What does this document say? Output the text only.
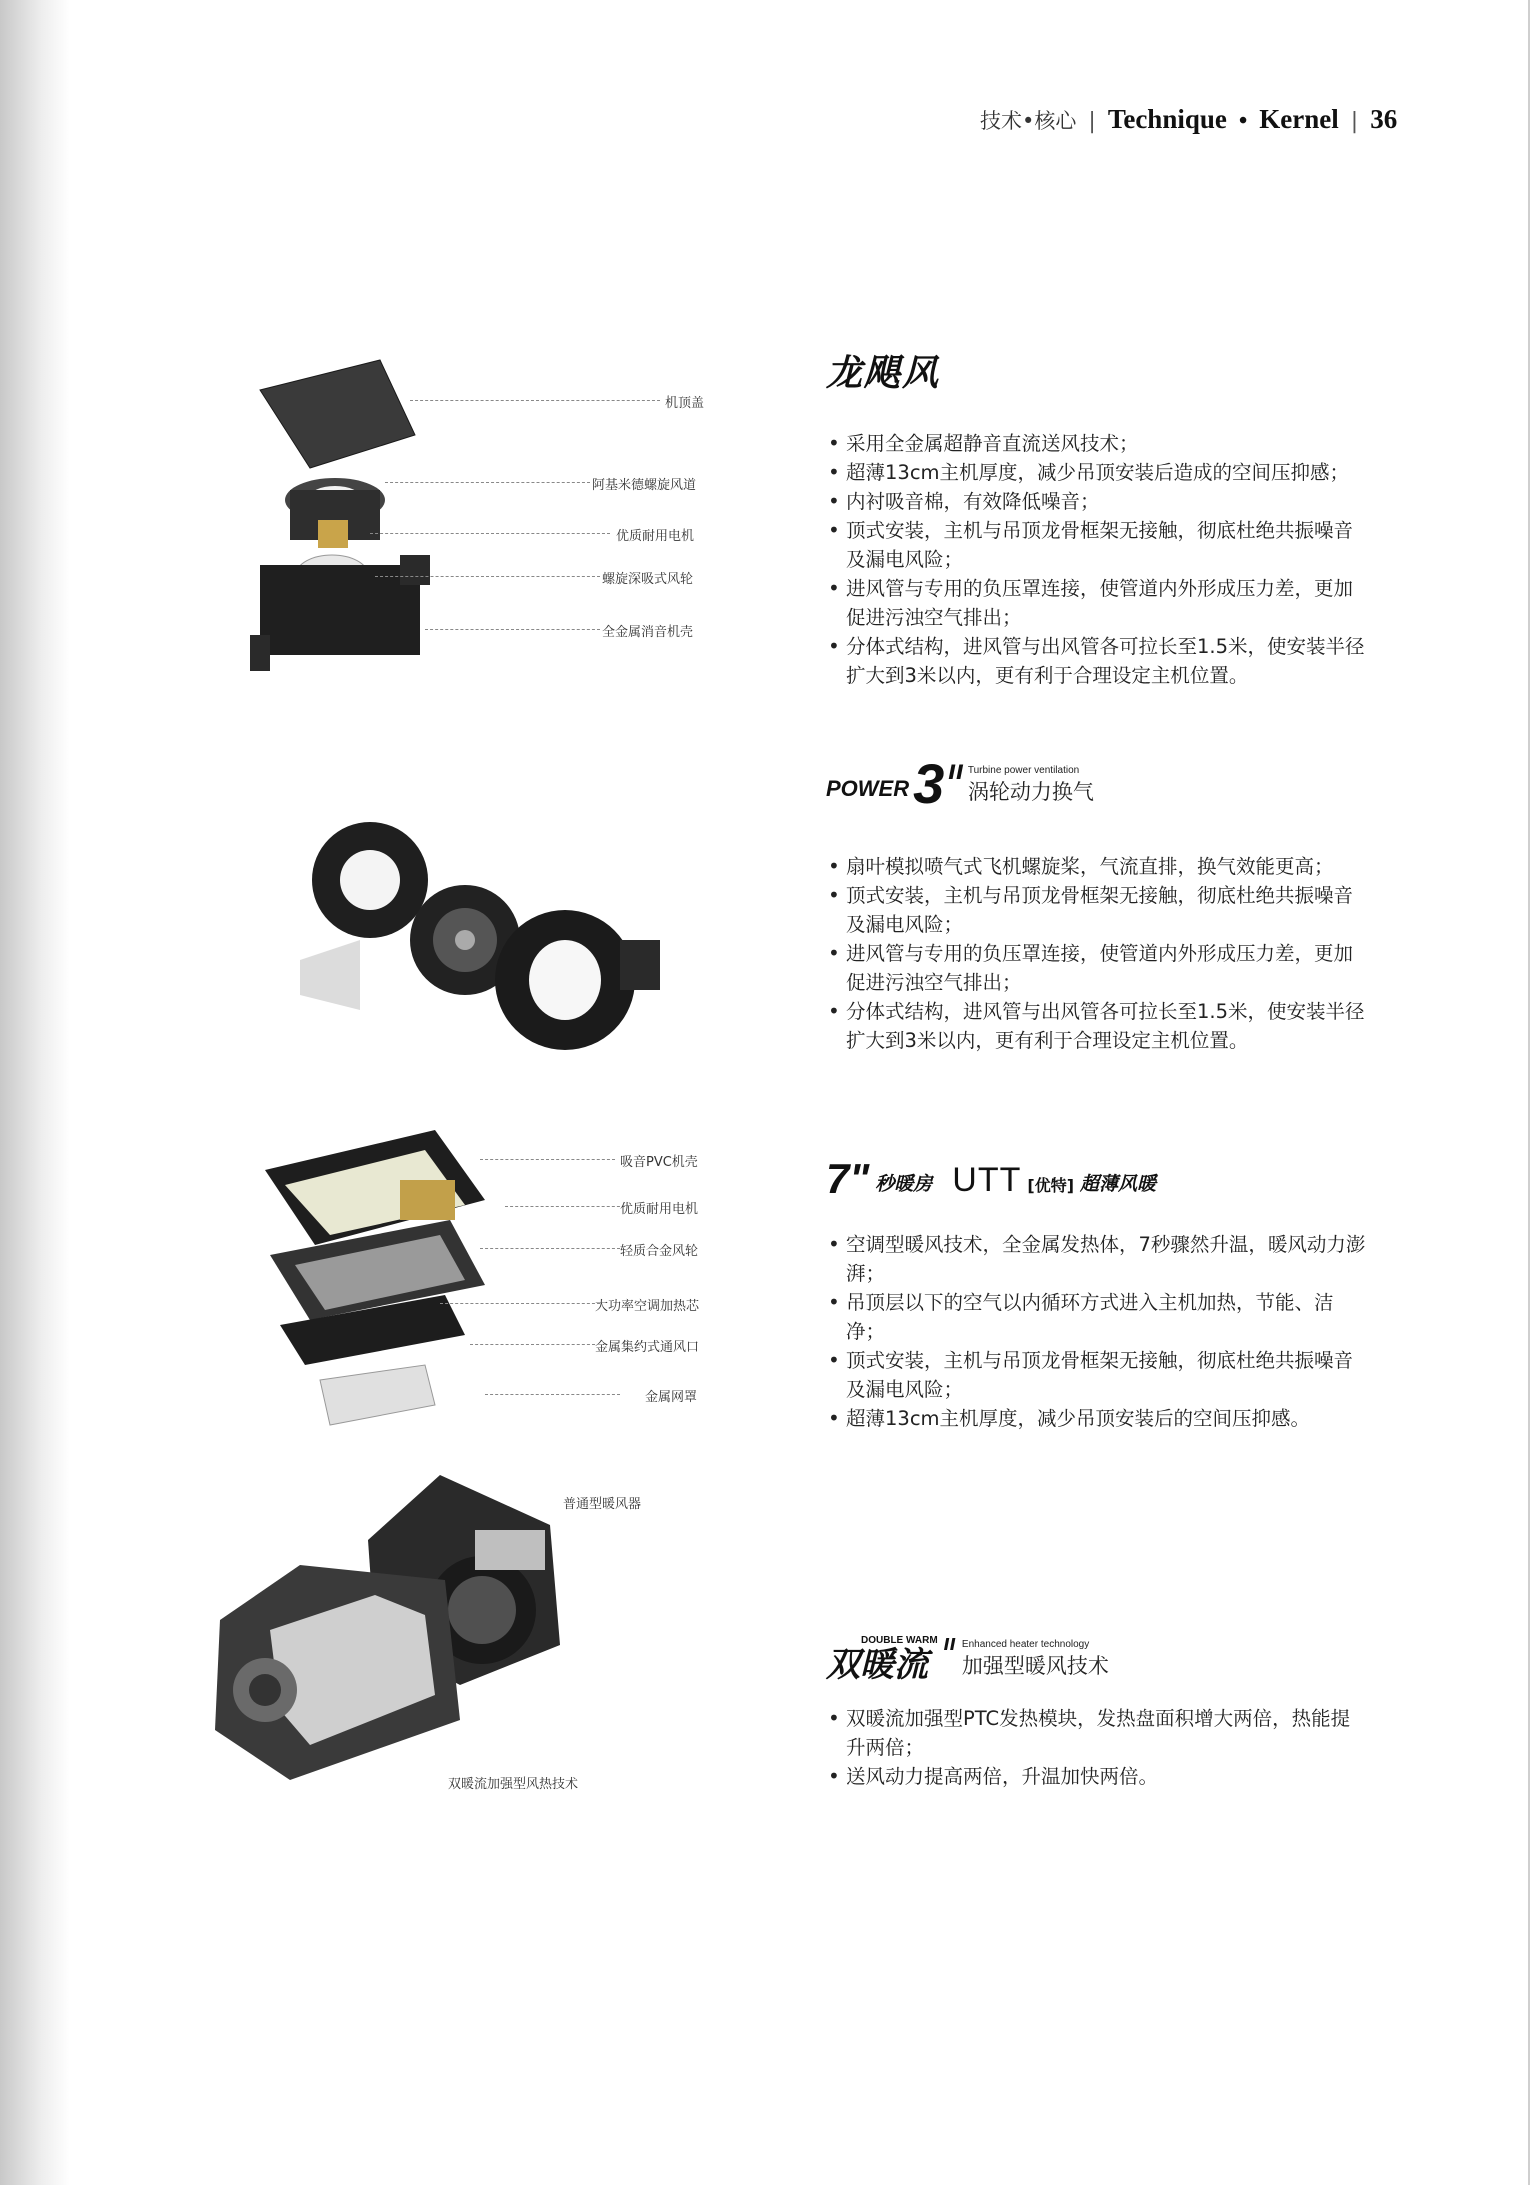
技术•核心 | Technique • Kernel | 36
机顶盖
阿基米德螺旋风道
优质耐用电机
螺旋深吸式风轮
全金属消音机壳
龙飓风
• 采用全金属超静音直流送风技术；
• 超薄13cm主机厚度，减少吊顶安装后造成的空间压抑感；
• 内衬吸音棉，有效降低噪音；
• 顶式安装，主机与吊顶龙骨框架无接触，彻底杜绝共振噪音及漏电风险；
• 进风管与专用的负压罩连接，使管道内外形成压力差，更加促进污浊空气排出；
• 分体式结构，进风管与出风管各可拉长至1.5米，使安装半径扩大到3米以内，更有利于合理设定主机位置。
POWER 3 ıı Turbine power ventilation
涡轮动力换气
• 扇叶模拟喷气式飞机螺旋桨，气流直排，换气效能更高；
• 顶式安装，主机与吊顶龙骨框架无接触，彻底杜绝共振噪音及漏电风险；
• 进风管与专用的负压罩连接，使管道内外形成压力差，更加促进污浊空气排出；
• 分体式结构，进风管与出风管各可拉长至1.5米，使安装半径扩大到3米以内，更有利于合理设定主机位置。
吸音PVC机壳
优质耐用电机
轻质合金风轮
大功率空调加热芯
金属集约式通风口
金属网罩
7" 秒暖房 UTT [优特] 超薄风暖
• 空调型暖风技术，全金属发热体，7秒骤然升温，暖风动力澎湃；
• 吊顶层以下的空气以内循环方式进入主机加热，节能、洁净；
• 顶式安装，主机与吊顶龙骨框架无接触，彻底杜绝共振噪音及漏电风险；
• 超薄13cm主机厚度，减少吊顶安装后的空间压抑感。
普通型暖风器
双暖流加强型风热技术
DOUBLE WARM
双暖流
ıı Enhanced heater technology
加强型暖风技术
• 双暖流加强型PTC发热模块，发热盘面积增大两倍，热能提升两倍；
• 送风动力提高两倍，升温加快两倍。
